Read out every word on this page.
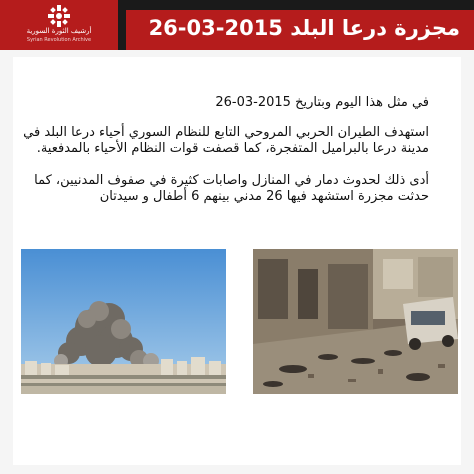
أرشيف الثورة السورية
Syrian Revolution Archive	مجزرة درعا البلد 2015-03-26
في مثل هذا اليوم وبتاريخ 2015-03-26
استهدف الطيران الحربي المروحي التابع للنظام السوري أحياء درعا البلد في مدينة درعا بالبراميل المتفجرة، كما قصفت قوات النظام الأحياء بالمدفعية.
أدى ذلك لحدوث دمار في المنازل واصابات كثيرة في صفوف المدنيين، كما حدثت مجزرة استشهد فيها 26 مدني بينهم 6 أطفال و سيدتان
